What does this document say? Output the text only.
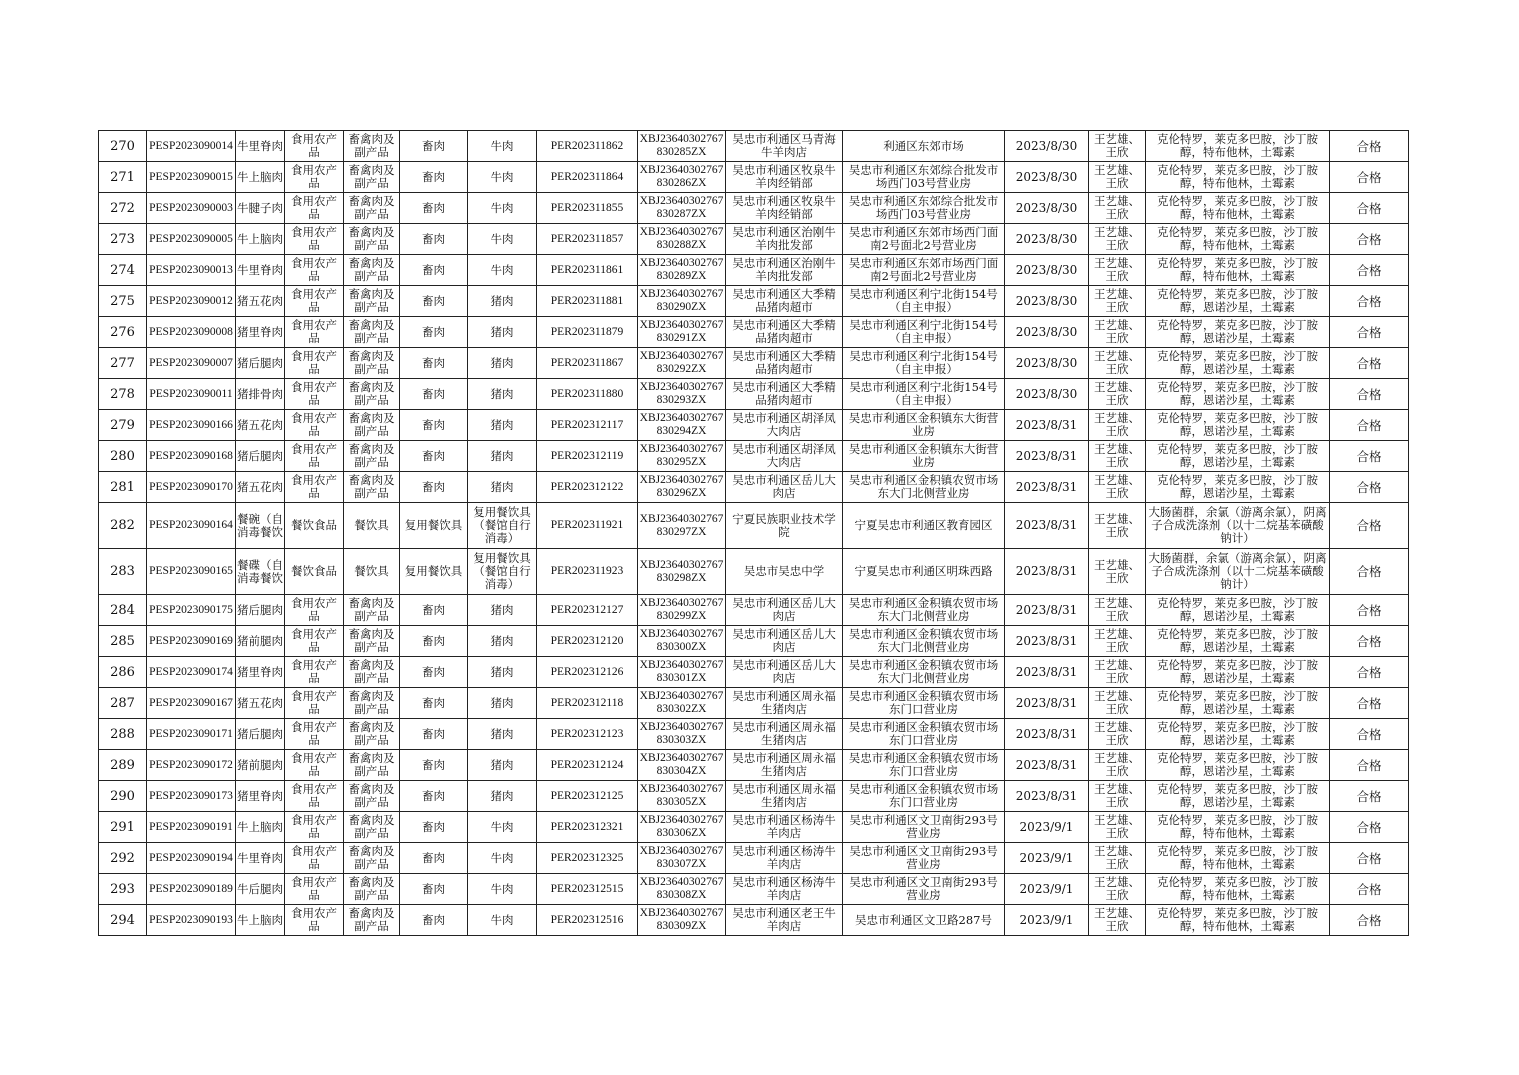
270	PESP2023090014	牛里脊肉	食用农产品	畜禽肉及副产品	畜肉	牛肉	PER202311862	XBJ23640302767830285ZX	吴忠市利通区马青海牛羊肉店	利通区东郊市场	2023/8/30	王艺雄、王欣	克伦特罗，莱克多巴胺，沙丁胺醇，特布他林，土霉素	合格

271	PESP2023090015	牛上脑肉	食用农产品	畜禽肉及副产品	畜肉	牛肉	PER202311864	XBJ23640302767830286ZX	吴忠市利通区牧泉牛羊肉经销部	吴忠市利通区东郊综合批发市场西门03号营业房	2023/8/30	王艺雄、王欣	克伦特罗，莱克多巴胺，沙丁胺醇，特布他林，土霉素	合格

272	PESP2023090003	牛腱子肉	食用农产品	畜禽肉及副产品	畜肉	牛肉	PER202311855	XBJ23640302767830287ZX	吴忠市利通区牧泉牛羊肉经销部	吴忠市利通区东郊综合批发市场西门03号营业房	2023/8/30	王艺雄、王欣	克伦特罗，莱克多巴胺，沙丁胺醇，特布他林，土霉素	合格

273	PESP2023090005	牛上脑肉	食用农产品	畜禽肉及副产品	畜肉	牛肉	PER202311857	XBJ23640302767830288ZX	吴忠市利通区治刚牛羊肉批发部	吴忠市利通区东郊市场西门面南2号面北2号营业房	2023/8/30	王艺雄、王欣	克伦特罗，莱克多巴胺，沙丁胺醇，特布他林，土霉素	合格

274	PESP2023090013	牛里脊肉	食用农产品	畜禽肉及副产品	畜肉	牛肉	PER202311861	XBJ23640302767830289ZX	吴忠市利通区治刚牛羊肉批发部	吴忠市利通区东郊市场西门面南2号面北2号营业房	2023/8/30	王艺雄、王欣	克伦特罗，莱克多巴胺，沙丁胺醇，特布他林，土霉素	合格

275	PESP2023090012	猪五花肉	食用农产品	畜禽肉及副产品	畜肉	猪肉	PER202311881	XBJ23640302767830290ZX	吴忠市利通区大季精品猪肉超市	吴忠市利通区利宁北街154号（自主申报）	2023/8/30	王艺雄、王欣	克伦特罗，莱克多巴胺，沙丁胺醇，恩诺沙星，土霉素	合格

276	PESP2023090008	猪里脊肉	食用农产品	畜禽肉及副产品	畜肉	猪肉	PER202311879	XBJ23640302767830291ZX	吴忠市利通区大季精品猪肉超市	吴忠市利通区利宁北街154号（自主申报）	2023/8/30	王艺雄、王欣	克伦特罗，莱克多巴胺，沙丁胺醇，恩诺沙星，土霉素	合格

277	PESP2023090007	猪后腿肉	食用农产品	畜禽肉及副产品	畜肉	猪肉	PER202311867	XBJ23640302767830292ZX	吴忠市利通区大季精品猪肉超市	吴忠市利通区利宁北街154号（自主申报）	2023/8/30	王艺雄、王欣	克伦特罗，莱克多巴胺，沙丁胺醇，恩诺沙星，土霉素	合格

278	PESP2023090011	猪排骨肉	食用农产品	畜禽肉及副产品	畜肉	猪肉	PER202311880	XBJ23640302767830293ZX	吴忠市利通区大季精品猪肉超市	吴忠市利通区利宁北街154号（自主申报）	2023/8/30	王艺雄、王欣	克伦特罗，莱克多巴胺，沙丁胺醇，恩诺沙星，土霉素	合格

279	PESP2023090166	猪五花肉	食用农产品	畜禽肉及副产品	畜肉	猪肉	PER202312117	XBJ23640302767830294ZX	吴忠市利通区胡泽凤大肉店	吴忠市利通区金积镇东大街营业房	2023/8/31	王艺雄、王欣	克伦特罗，莱克多巴胺，沙丁胺醇，恩诺沙星，土霉素	合格

280	PESP2023090168	猪后腿肉	食用农产品	畜禽肉及副产品	畜肉	猪肉	PER202312119	XBJ23640302767830295ZX	吴忠市利通区胡泽凤大肉店	吴忠市利通区金积镇东大街营业房	2023/8/31	王艺雄、王欣	克伦特罗，莱克多巴胺，沙丁胺醇，恩诺沙星，土霉素	合格

281	PESP2023090170	猪五花肉	食用农产品	畜禽肉及副产品	畜肉	猪肉	PER202312122	XBJ23640302767830296ZX	吴忠市利通区岳儿大肉店	吴忠市利通区金积镇农贸市场东大门北侧营业房	2023/8/31	王艺雄、王欣	克伦特罗，莱克多巴胺，沙丁胺醇，恩诺沙星，土霉素	合格

282	PESP2023090164	餐碗（自消毒餐饮	餐饮食品	餐饮具	复用餐饮具	复用餐饮具（餐馆自行消毒）	PER202311921	XBJ23640302767830297ZX	宁夏民族职业技术学院	宁夏吴忠市利通区教育园区	2023/8/31	王艺雄、王欣	大肠菌群，余氯（游离余氯），阴离子合成洗涤剂（以十二烷基苯磺酸钠计）	合格

283	PESP2023090165	餐碟（自消毒餐饮	餐饮食品	餐饮具	复用餐饮具	复用餐饮具（餐馆自行消毒）	PER202311923	XBJ23640302767830298ZX	吴忠市吴忠中学	宁夏吴忠市利通区明珠西路	2023/8/31	王艺雄、王欣	大肠菌群，余氯（游离余氯），阴离子合成洗涤剂（以十二烷基苯磺酸钠计）	合格

284	PESP2023090175	猪后腿肉	食用农产品	畜禽肉及副产品	畜肉	猪肉	PER202312127	XBJ23640302767830299ZX	吴忠市利通区岳儿大肉店	吴忠市利通区金积镇农贸市场东大门北侧营业房	2023/8/31	王艺雄、王欣	克伦特罗，莱克多巴胺，沙丁胺醇，恩诺沙星，土霉素	合格

285	PESP2023090169	猪前腿肉	食用农产品	畜禽肉及副产品	畜肉	猪肉	PER202312120	XBJ23640302767830300ZX	吴忠市利通区岳儿大肉店	吴忠市利通区金积镇农贸市场东大门北侧营业房	2023/8/31	王艺雄、王欣	克伦特罗，莱克多巴胺，沙丁胺醇，恩诺沙星，土霉素	合格

286	PESP2023090174	猪里脊肉	食用农产品	畜禽肉及副产品	畜肉	猪肉	PER202312126	XBJ23640302767830301ZX	吴忠市利通区岳儿大肉店	吴忠市利通区金积镇农贸市场东大门北侧营业房	2023/8/31	王艺雄、王欣	克伦特罗，莱克多巴胺，沙丁胺醇，恩诺沙星，土霉素	合格

287	PESP2023090167	猪五花肉	食用农产品	畜禽肉及副产品	畜肉	猪肉	PER202312118	XBJ23640302767830302ZX	吴忠市利通区周永福生猪肉店	吴忠市利通区金积镇农贸市场东门口营业房	2023/8/31	王艺雄、王欣	克伦特罗，莱克多巴胺，沙丁胺醇，恩诺沙星，土霉素	合格

288	PESP2023090171	猪后腿肉	食用农产品	畜禽肉及副产品	畜肉	猪肉	PER202312123	XBJ23640302767830303ZX	吴忠市利通区周永福生猪肉店	吴忠市利通区金积镇农贸市场东门口营业房	2023/8/31	王艺雄、王欣	克伦特罗，莱克多巴胺，沙丁胺醇，恩诺沙星，土霉素	合格

289	PESP2023090172	猪前腿肉	食用农产品	畜禽肉及副产品	畜肉	猪肉	PER202312124	XBJ23640302767830304ZX	吴忠市利通区周永福生猪肉店	吴忠市利通区金积镇农贸市场东门口营业房	2023/8/31	王艺雄、王欣	克伦特罗，莱克多巴胺，沙丁胺醇，恩诺沙星，土霉素	合格

290	PESP2023090173	猪里脊肉	食用农产品	畜禽肉及副产品	畜肉	猪肉	PER202312125	XBJ23640302767830305ZX	吴忠市利通区周永福生猪肉店	吴忠市利通区金积镇农贸市场东门口营业房	2023/8/31	王艺雄、王欣	克伦特罗，莱克多巴胺，沙丁胺醇，恩诺沙星，土霉素	合格

291	PESP2023090191	牛上脑肉	食用农产品	畜禽肉及副产品	畜肉	牛肉	PER202312321	XBJ23640302767830306ZX	吴忠市利通区杨涛牛羊肉店	吴忠市利通区文卫南街293号营业房	2023/9/1	王艺雄、王欣	克伦特罗，莱克多巴胺，沙丁胺醇，特布他林，土霉素	合格

292	PESP2023090194	牛里脊肉	食用农产品	畜禽肉及副产品	畜肉	牛肉	PER202312325	XBJ23640302767830307ZX	吴忠市利通区杨涛牛羊肉店	吴忠市利通区文卫南街293号营业房	2023/9/1	王艺雄、王欣	克伦特罗，莱克多巴胺，沙丁胺醇，特布他林，土霉素	合格

293	PESP2023090189	牛后腿肉	食用农产品	畜禽肉及副产品	畜肉	牛肉	PER202312515	XBJ23640302767830308ZX	吴忠市利通区杨涛牛羊肉店	吴忠市利通区文卫南街293号营业房	2023/9/1	王艺雄、王欣	克伦特罗，莱克多巴胺，沙丁胺醇，特布他林，土霉素	合格

294	PESP2023090193	牛上脑肉	食用农产品	畜禽肉及副产品	畜肉	牛肉	PER202312516	XBJ23640302767830309ZX	吴忠市利通区老王牛羊肉店	吴忠市利通区文卫路287号	2023/9/1	王艺雄、王欣	克伦特罗，莱克多巴胺，沙丁胺醇，特布他林，土霉素	合格
